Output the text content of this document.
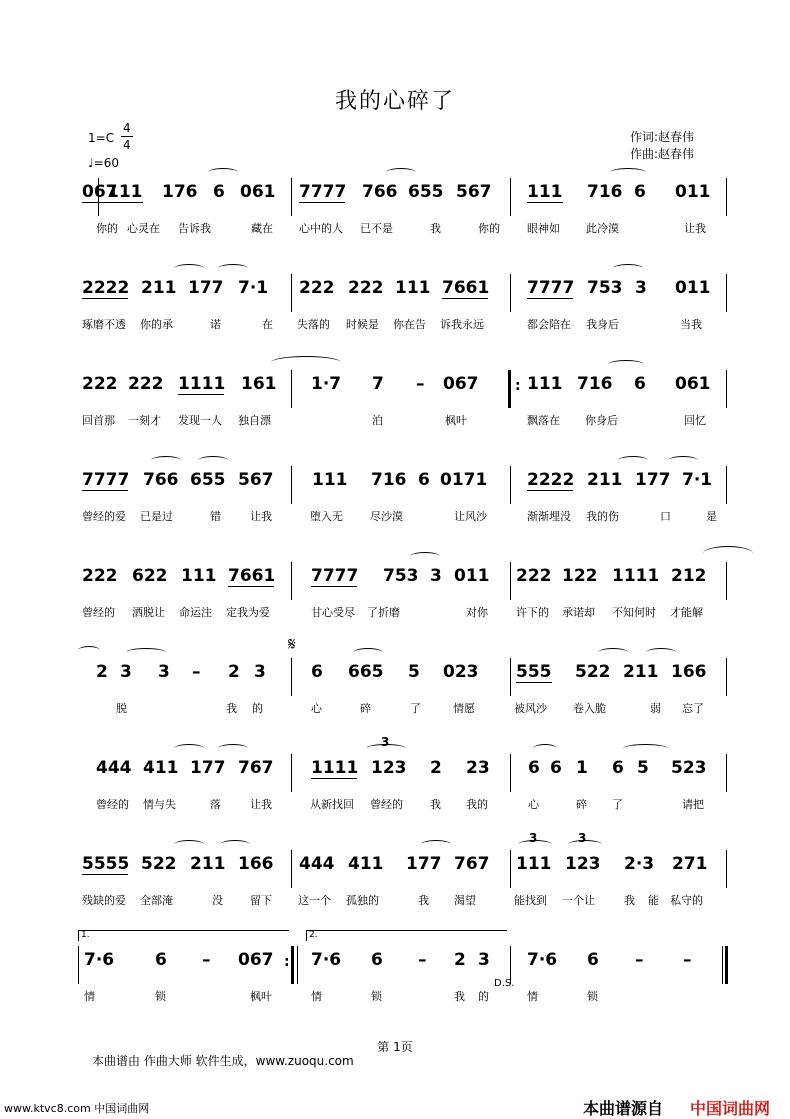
我的心碎了
1=C
4
4
♩=60
作词:赵春伟
作曲:赵春伟
067
111 176 6 061 7777 766 655 567 111 716 6 011
你的 心灵在 告诉我	藏在 心中的人 已不是	我	你的 眼神如 此冷漠	让我
2222 211 177 7·1 222 222 111 7661 7777 753 3 011
琢磨不透 你的承	诺	在 失落的 时候是 你在告 诉我永远	都会陪在 我身后	当我
:
222 222 1111 161 1·7 7 – 067	111 716 6 061
回首那 一刻才 发现一人 独自漂	泊	枫叶	飘落在 你身后	回忆
7777 766 655 567 111 716 6 0171 2222 211 177 7·1
曾经的爱 已是过	错	让我	堕入无 尽沙漠	让风沙	渐渐埋没 我的伤	口	是
222 622 111 7661 7777 753 3 011 222 122 1111 212
曾经的 洒脱让 命运注 定我为爱	甘心受尽 了折磨	对你	许下的 承诺却 不知何时 才能解
𝄋
2 3 3 – 2 3	6 665 5 023 555 522 211 166
脱	我 的	心	碎	了	情愿	被风沙 卷入脆	弱 忘了
444 411 177 767 1111 123 2 23 6 6 1 6 5 523
3
曾经的 情与失	落	让我	从新找回 曾经的 我 我的	心	碎 了	请把
5555 522 211 166 444 411 177 767 111 123 2·3 271
3	3
残缺的爱 全部淹	没 留下 这一个 孤独的	我 渴望	能找到 一个让	我 能 私守的
1.	2.
:
7·6 6 – 067 7·6 6 – 2 3 7·6 6 – –
D.S.
情	锁	枫叶	情	锁	我 的	情	锁
第 1页
本曲谱由 作曲大师 软件生成，www.zuoqu.com
www.ktvc8.com 中国词曲网	本曲谱源自 中国词曲网
